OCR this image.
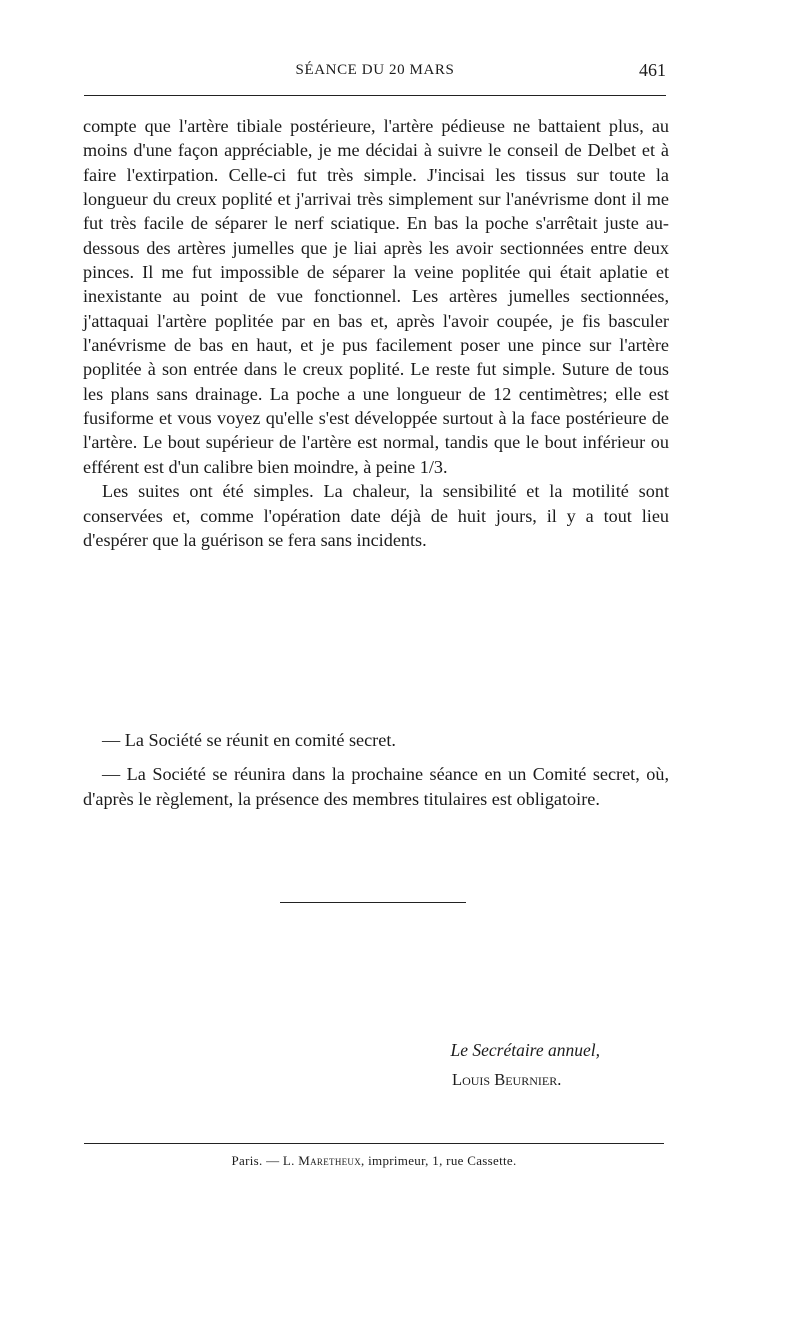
SÉANCE DU 20 MARS	461

compte que l'artère tibiale postérieure, l'artère pédieuse ne battaient plus, au moins d'une façon appréciable, je me décidai à suivre le conseil de Delbet et à faire l'extirpation. Celle-ci fut très simple. J'incisai les tissus sur toute la longueur du creux poplité et j'arrivai très simplement sur l'anévrisme dont il me fut très facile de séparer le nerf sciatique. En bas la poche s'arrêtait juste au-dessous des artères jumelles que je liai après les avoir sectionnées entre deux pinces. Il me fut impossible de séparer la veine poplitée qui était aplatie et inexistante au point de vue fonctionnel. Les artères jumelles sectionnées, j'attaquai l'artère poplitée par en bas et, après l'avoir coupée, je fis basculer l'anévrisme de bas en haut, et je pus facilement poser une pince sur l'artère poplitée à son entrée dans le creux poplité. Le reste fut simple. Suture de tous les plans sans drainage. La poche a une longueur de 12 centimètres; elle est fusiforme et vous voyez qu'elle s'est développée surtout à la face postérieure de l'artère. Le bout supérieur de l'artère est normal, tandis que le bout inférieur ou efférent est d'un calibre bien moindre, à peine 1/3.

Les suites ont été simples. La chaleur, la sensibilité et la motilité sont conservées et, comme l'opération date déjà de huit jours, il y a tout lieu d'espérer que la guérison se fera sans incidents.

— La Société se réunit en comité secret.

— La Société se réunira dans la prochaine séance en un Comité secret, où, d'après le règlement, la présence des membres titulaires est obligatoire.

Le Secrétaire annuel,
Louis Beurnier.
Paris. — L. Maretheux, imprimeur, 1, rue Cassette.
